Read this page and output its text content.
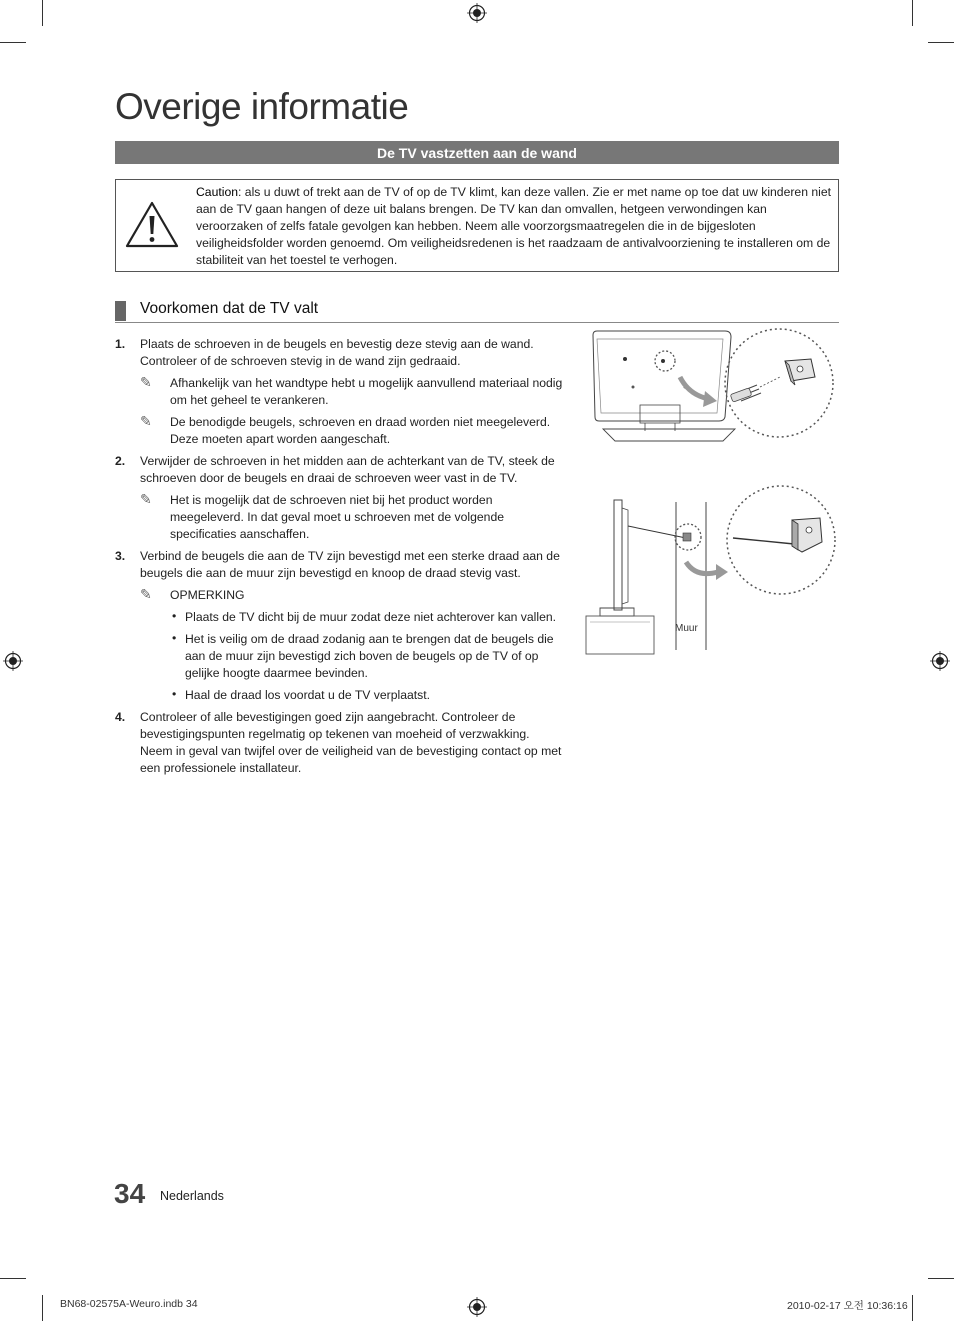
Overige informatie
De TV vastzetten aan de wand
Caution: als u duwt of trekt aan de TV of op de TV klimt, kan deze vallen. Zie er met name op toe dat uw kinderen niet aan de TV gaan hangen of deze uit balans brengen. De TV kan dan omvallen, hetgeen verwondingen kan veroorzaken of zelfs fatale gevolgen kan hebben. Neem alle voorzorgsmaatregelen die in de bijgesloten veiligheidsfolder worden genoemd. Om veiligheidsredenen is het raadzaam de antivalvoorziening te installeren om de stabiliteit van het toestel te verhogen.
Voorkomen dat de TV valt
1. Plaats de schroeven in de beugels en bevestig deze stevig aan de wand. Controleer of de schroeven stevig in de wand zijn gedraaid.
✎ Afhankelijk van het wandtype hebt u mogelijk aanvullend materiaal nodig om het geheel te verankeren.
✎ De benodigde beugels, schroeven en draad worden niet meegeleverd. Deze moeten apart worden aangeschaft.
2. Verwijder de schroeven in het midden aan de achterkant van de TV, steek de schroeven door de beugels en draai de schroeven weer vast in de TV.
✎ Het is mogelijk dat de schroeven niet bij het product worden meegeleverd. In dat geval moet u schroeven met de volgende specificaties aanschaffen.
3. Verbind de beugels die aan de TV zijn bevestigd met een sterke draad aan de beugels die aan de muur zijn bevestigd en knoop de draad stevig vast.
✎ OPMERKING
• Plaats de TV dicht bij de muur zodat deze niet achterover kan vallen.
• Het is veilig om de draad zodanig aan te brengen dat de beugels die aan de muur zijn bevestigd zich boven de beugels op de TV of op gelijke hoogte daarmee bevinden.
• Haal de draad los voordat u de TV verplaatst.
4. Controleer of alle bevestigingen goed zijn aangebracht. Controleer de bevestigingspunten regelmatig op tekenen van moeheid of verzwakking. Neem in geval van twijfel over de veiligheid van de bevestiging contact op met een professionele installateur.
Muur
34 Nederlands
BN68-02575A-Weuro.indb 34	2010-02-17 오전 10:36:16
